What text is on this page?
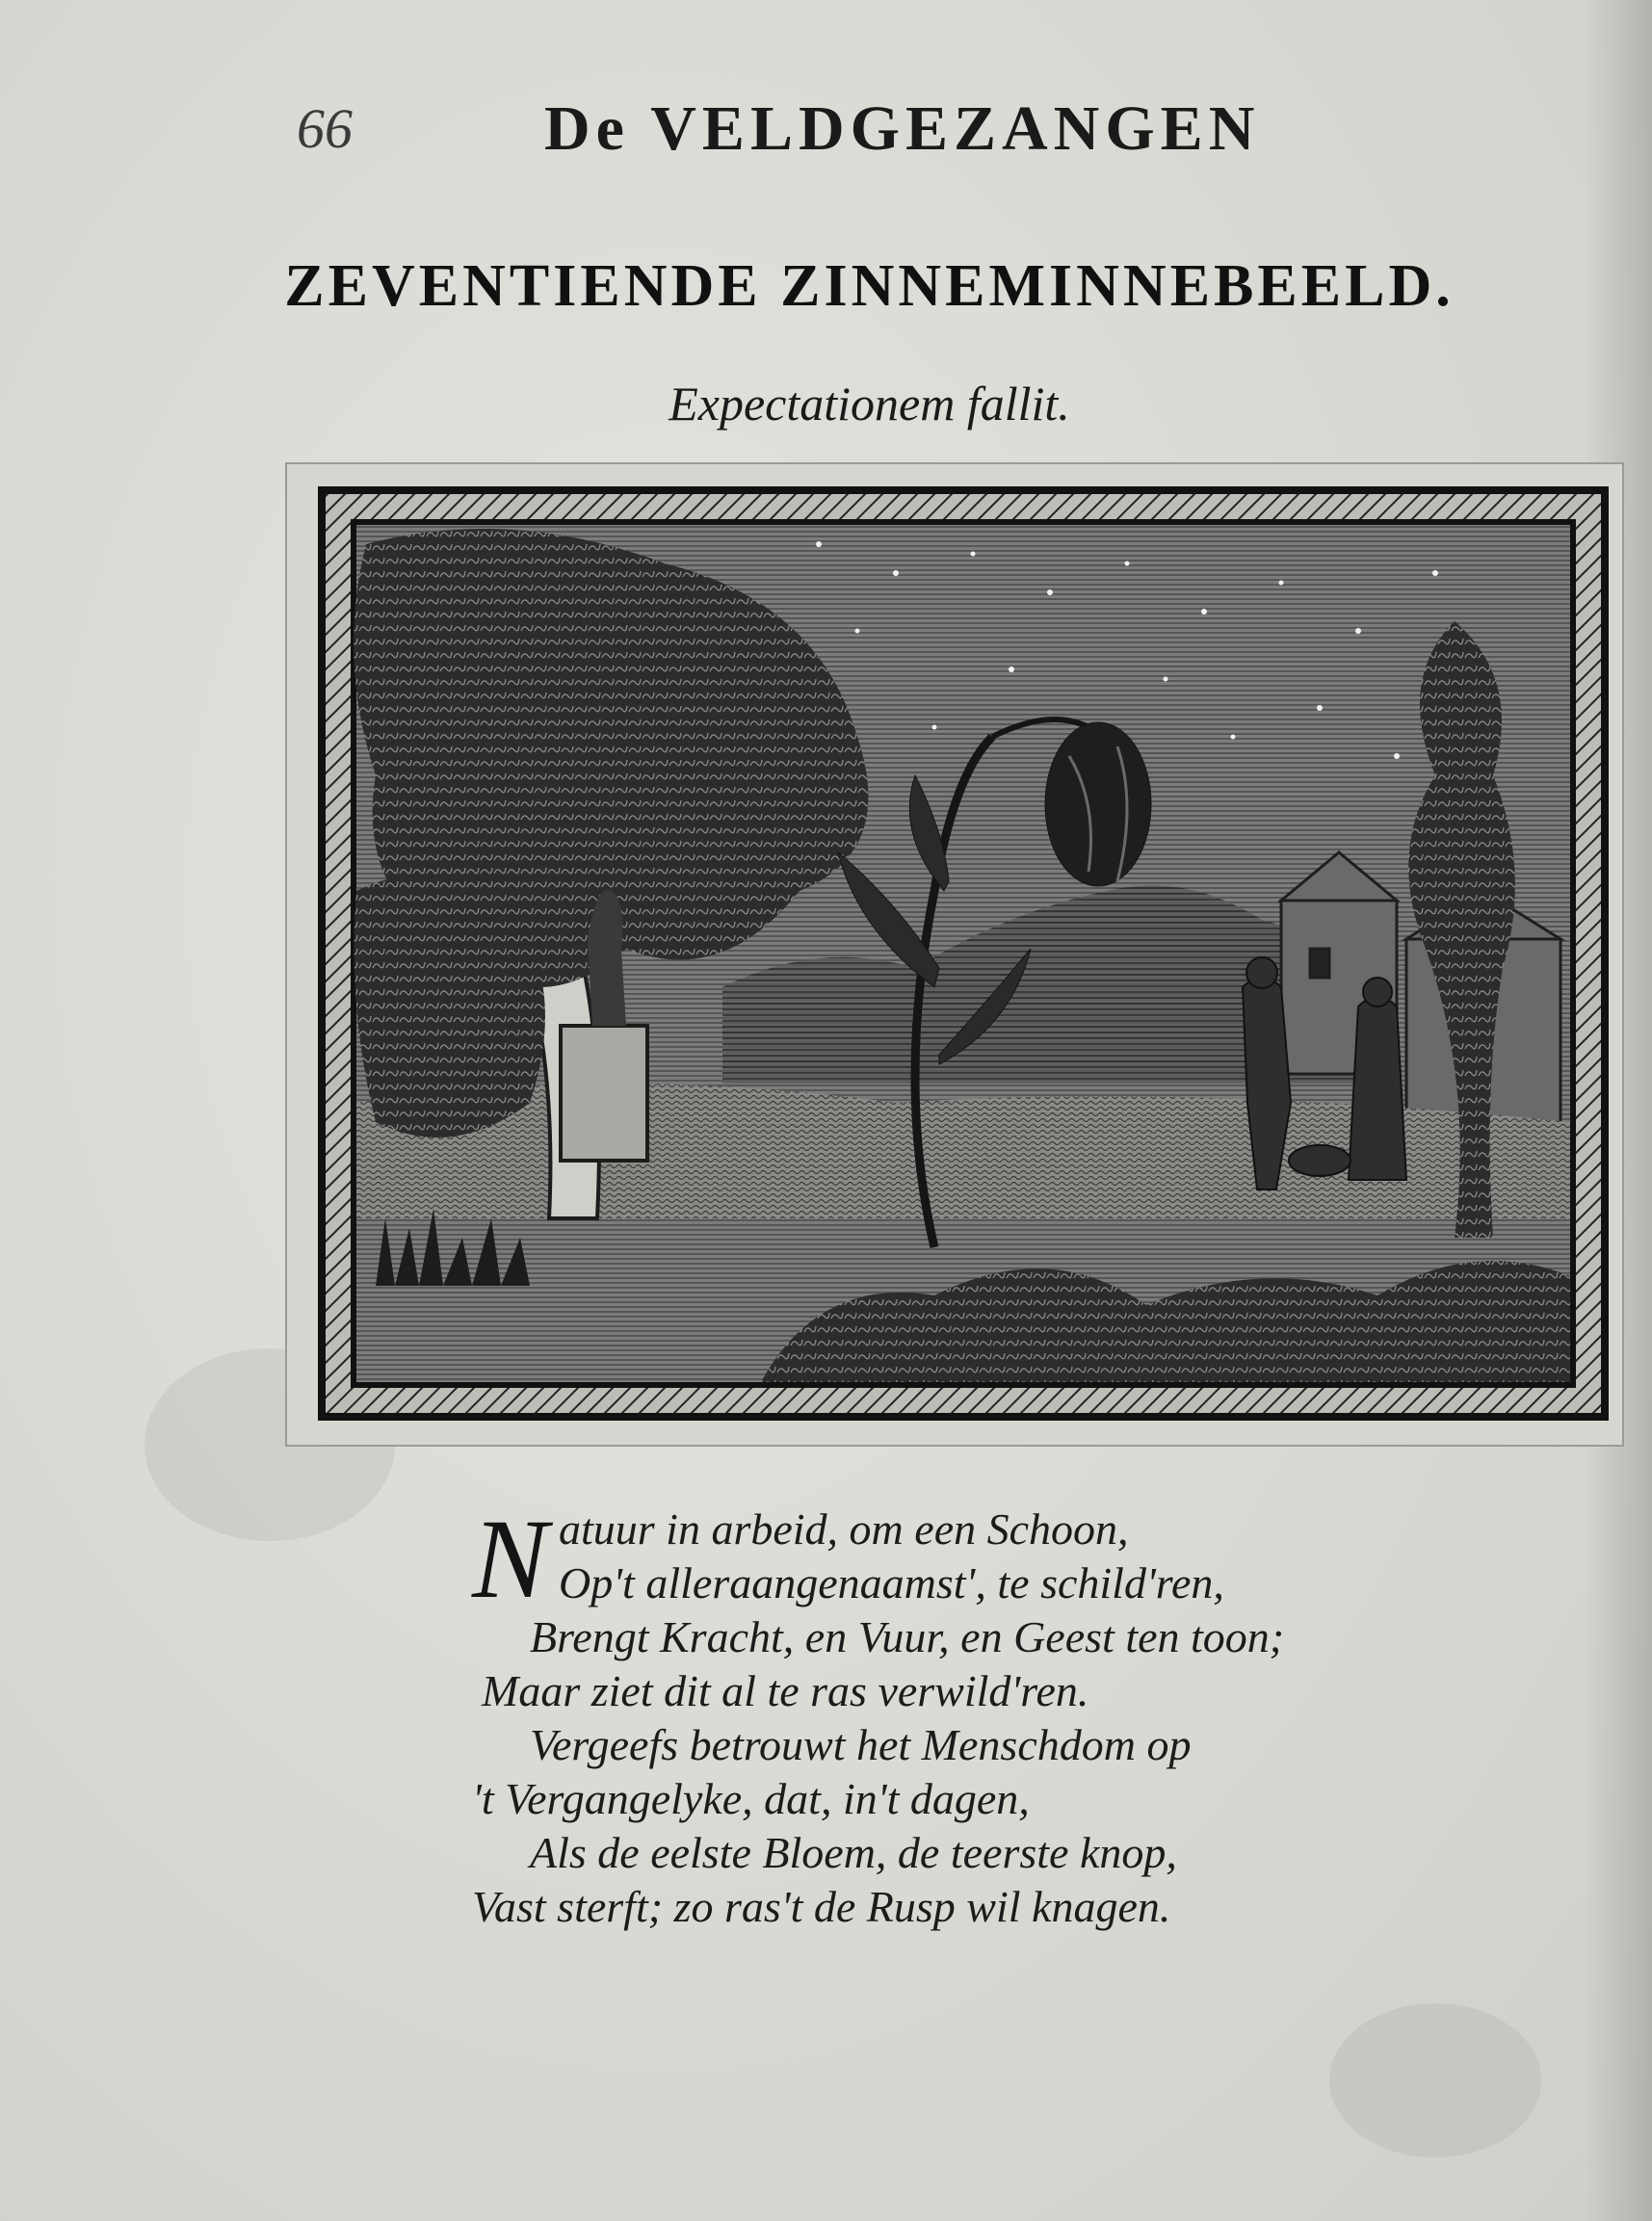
66	De VELDGEZANGEN
ZEVENTIENDE ZINNEMINNEBEELD.
Expectationem fallit.
N atuur in arbeid, om een Schoon,
Op't alleraangenaamst', te schild'ren,
Brengt Kracht, en Vuur, en Geest ten toon;
Maar ziet dit al te ras verwild'ren.
Vergeefs betrouwt het Menschdom op
't Vergangelyke, dat, in't dagen,
Als de eelste Bloem, de teerste knop,
Vast sterft; zo ras't de Rusp wil knagen.
